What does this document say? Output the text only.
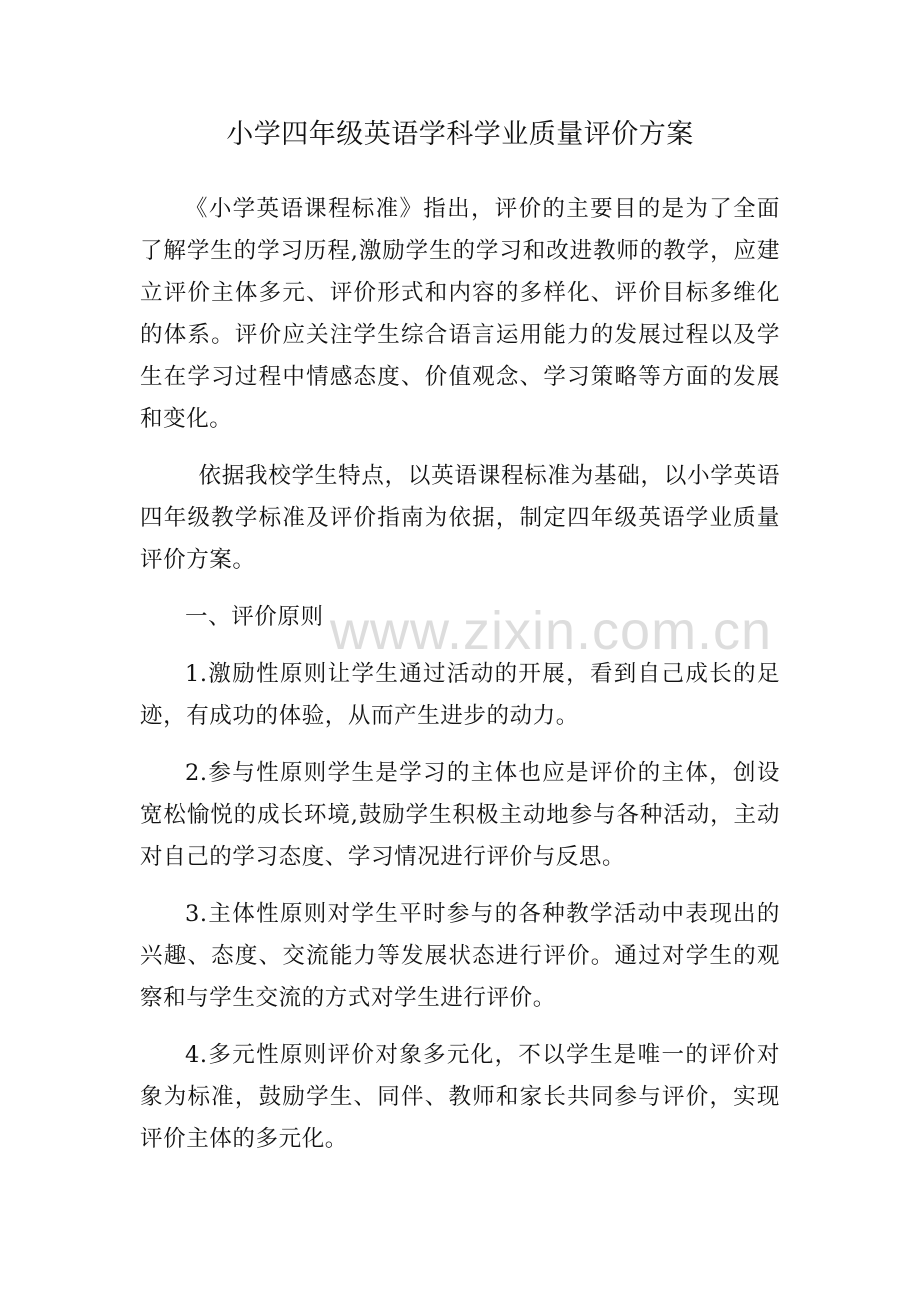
小学四年级英语学科学业质量评价方案

《小学英语课程标准》指出，评价的主要目的是为了全面了解学生的学习历程,激励学生的学习和改进教师的教学，应建立评价主体多元、评价形式和内容的多样化、评价目标多维化的体系。评价应关注学生综合语言运用能力的发展过程以及学生在学习过程中情感态度、价值观念、学习策略等方面的发展和变化。

依据我校学生特点，以英语课程标准为基础，以小学英语四年级教学标准及评价指南为依据，制定四年级英语学业质量评价方案。

一、评价原则

1.激励性原则让学生通过活动的开展，看到自己成长的足迹，有成功的体验，从而产生进步的动力。

2.参与性原则学生是学习的主体也应是评价的主体，创设宽松愉悦的成长环境,鼓励学生积极主动地参与各种活动，主动对自己的学习态度、学习情况进行评价与反思。

3.主体性原则对学生平时参与的各种教学活动中表现出的兴趣、态度、交流能力等发展状态进行评价。通过对学生的观察和与学生交流的方式对学生进行评价。

4.多元性原则评价对象多元化，不以学生是唯一的评价对象为标准，鼓励学生、同伴、教师和家长共同参与评价，实现评价主体的多元化。

www.zixin.com.cn
